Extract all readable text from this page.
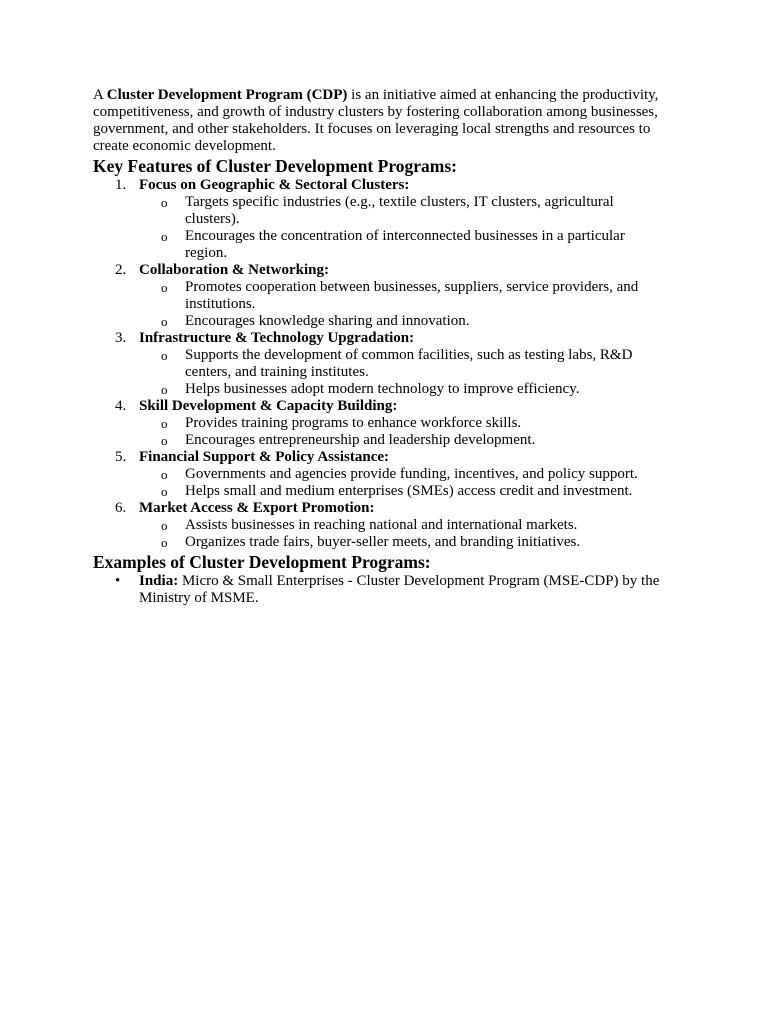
A Cluster Development Program (CDP) is an initiative aimed at enhancing the productivity, competitiveness, and growth of industry clusters by fostering collaboration among businesses, government, and other stakeholders. It focuses on leveraging local strengths and resources to create economic development.

Key Features of Cluster Development Programs:
1. Focus on Geographic & Sectoral Clusters:
o Targets specific industries (e.g., textile clusters, IT clusters, agricultural clusters).
o Encourages the concentration of interconnected businesses in a particular region.
2. Collaboration & Networking:
o Promotes cooperation between businesses, suppliers, service providers, and institutions.
o Encourages knowledge sharing and innovation.
3. Infrastructure & Technology Upgradation:
o Supports the development of common facilities, such as testing labs, R&D centers, and training institutes.
o Helps businesses adopt modern technology to improve efficiency.
4. Skill Development & Capacity Building:
o Provides training programs to enhance workforce skills.
o Encourages entrepreneurship and leadership development.
5. Financial Support & Policy Assistance:
o Governments and agencies provide funding, incentives, and policy support.
o Helps small and medium enterprises (SMEs) access credit and investment.
6. Market Access & Export Promotion:
o Assists businesses in reaching national and international markets.
o Organizes trade fairs, buyer-seller meets, and branding initiatives.
Examples of Cluster Development Programs:
• India: Micro & Small Enterprises - Cluster Development Program (MSE-CDP) by the Ministry of MSME.
